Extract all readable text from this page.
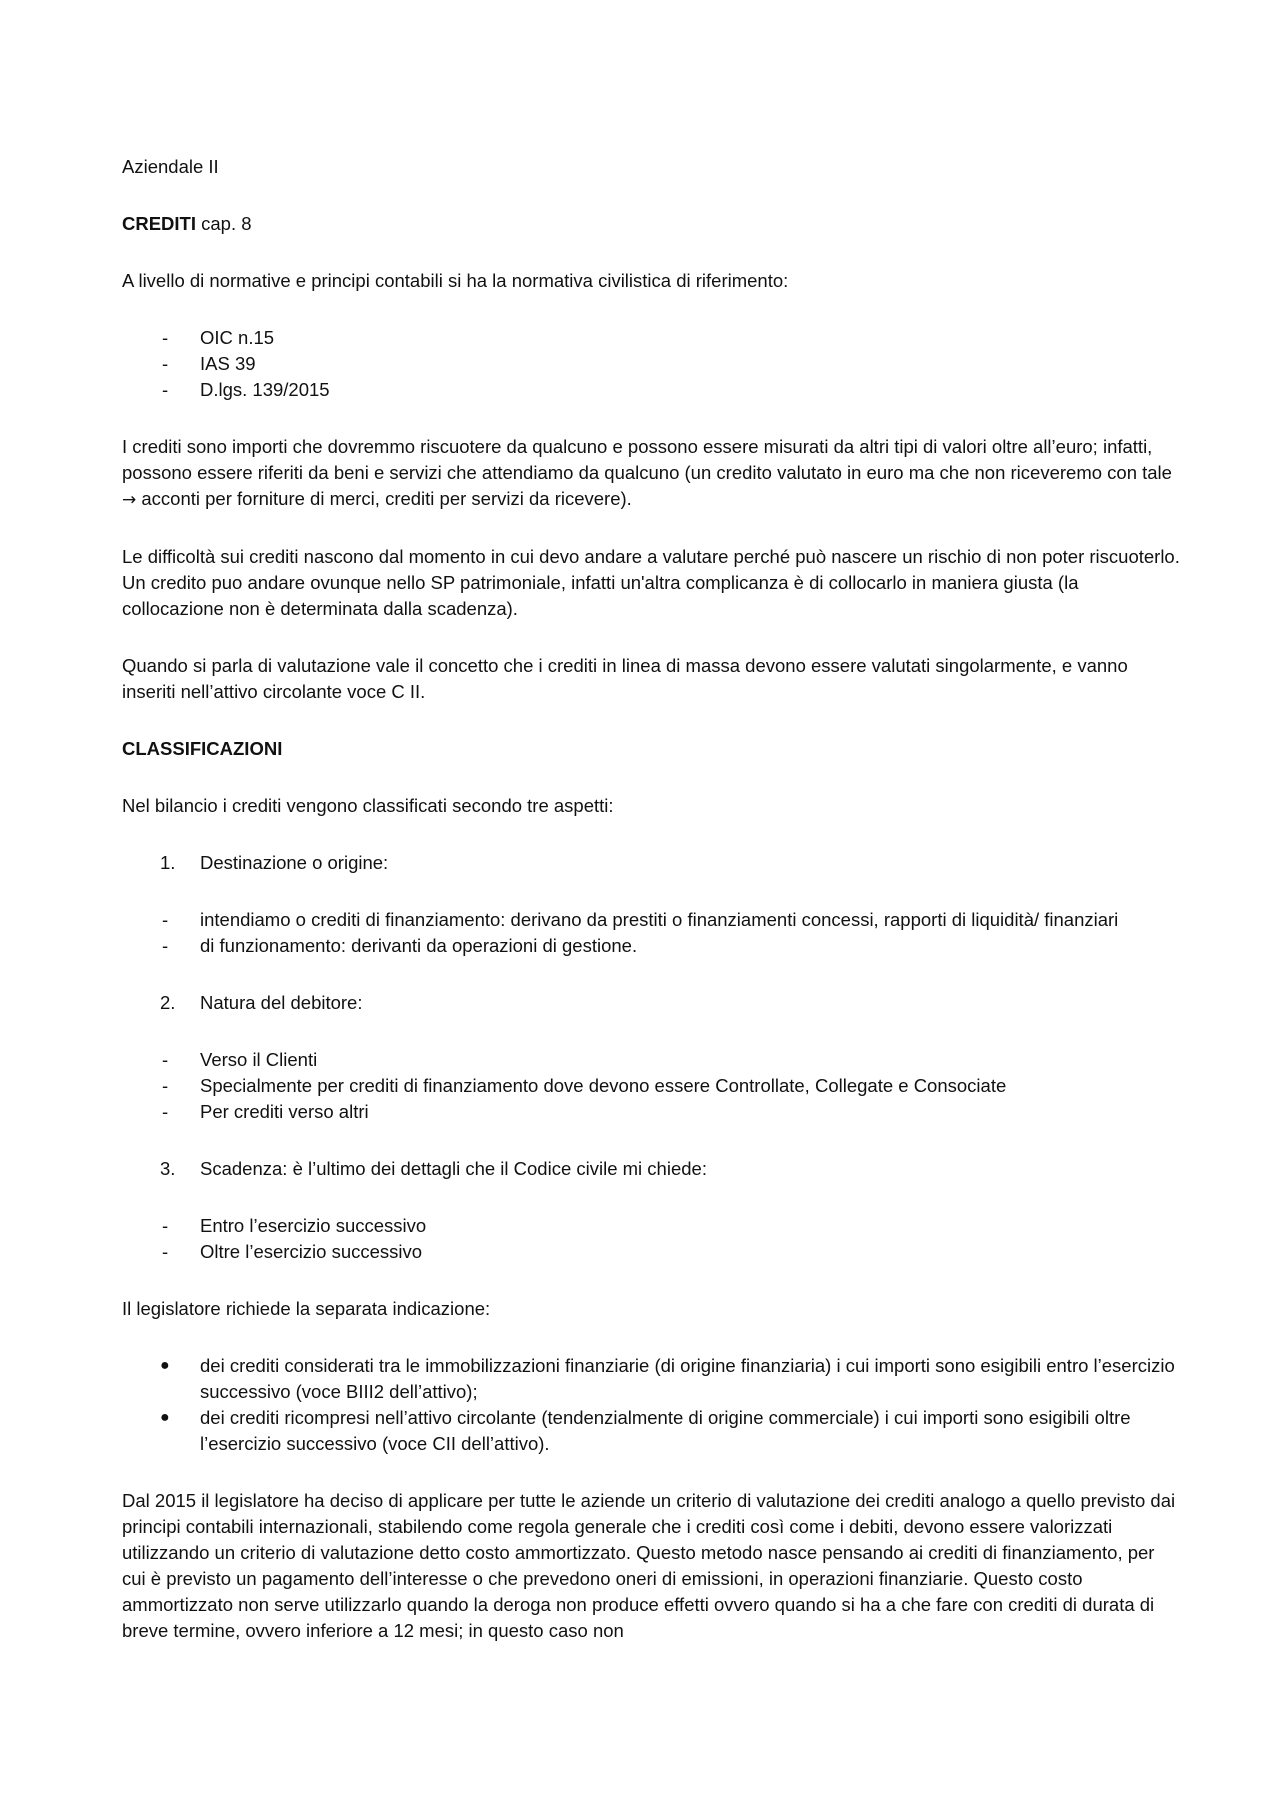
Aziendale II

CREDITI cap. 8

A livello di normative e principi contabili si ha la normativa civilistica di riferimento:

-	OIC n.15
-	IAS 39
-	D.lgs. 139/2015

I crediti sono importi che dovremmo riscuotere da qualcuno e possono essere misurati da altri tipi di valori oltre all’euro; infatti, possono essere riferiti da beni e servizi che attendiamo da qualcuno (un credito valutato in euro ma che non riceveremo con tale → acconti per forniture di merci, crediti per servizi da ricevere).

Le difficoltà sui crediti nascono dal momento in cui devo andare a valutare perché può nascere un rischio di non poter riscuoterlo. Un credito puo andare ovunque nello SP patrimoniale, infatti un'altra complicanza è di collocarlo in maniera giusta (la collocazione non è determinata dalla scadenza).

Quando si parla di valutazione vale il concetto che i crediti in linea di massa devono essere valutati singolarmente, e vanno inseriti nell’attivo circolante voce C II.

CLASSIFICAZIONI

Nel bilancio i crediti vengono classificati secondo tre aspetti:

1.	Destinazione o origine:
-	intendiamo o crediti di finanziamento: derivano da prestiti o finanziamenti concessi, rapporti di liquidità/ finanziari
-	di funzionamento: derivanti da operazioni di gestione.
2.	Natura del debitore:
-	Verso il Clienti
-	Specialmente per crediti di finanziamento dove devono essere Controllate, Collegate e Consociate
-	Per crediti verso altri
3.	Scadenza: è l’ultimo dei dettagli che il Codice civile mi chiede:
-	Entro l’esercizio successivo
-	Oltre l’esercizio successivo

Il legislatore richiede la separata indicazione:

●	dei crediti considerati tra le immobilizzazioni finanziarie (di origine finanziaria) i cui importi sono esigibili entro l’esercizio successivo (voce BIII2 dell’attivo);
●	dei crediti ricompresi nell’attivo circolante (tendenzialmente di origine commerciale) i cui importi sono esigibili oltre l’esercizio successivo (voce CII dell’attivo).

Dal 2015 il legislatore ha deciso di applicare per tutte le aziende un criterio di valutazione dei crediti analogo a quello previsto dai principi contabili internazionali, stabilendo come regola generale che i crediti così come i debiti, devono essere valorizzati utilizzando un criterio di valutazione detto costo ammortizzato. Questo metodo nasce pensando ai crediti di finanziamento, per cui è previsto un pagamento dell’interesse o che prevedono oneri di emissioni, in operazioni finanziarie. Questo costo ammortizzato non serve utilizzarlo quando la deroga non produce effetti ovvero quando si ha a che fare con crediti di durata di breve termine, ovvero inferiore a 12 mesi; in questo caso non
